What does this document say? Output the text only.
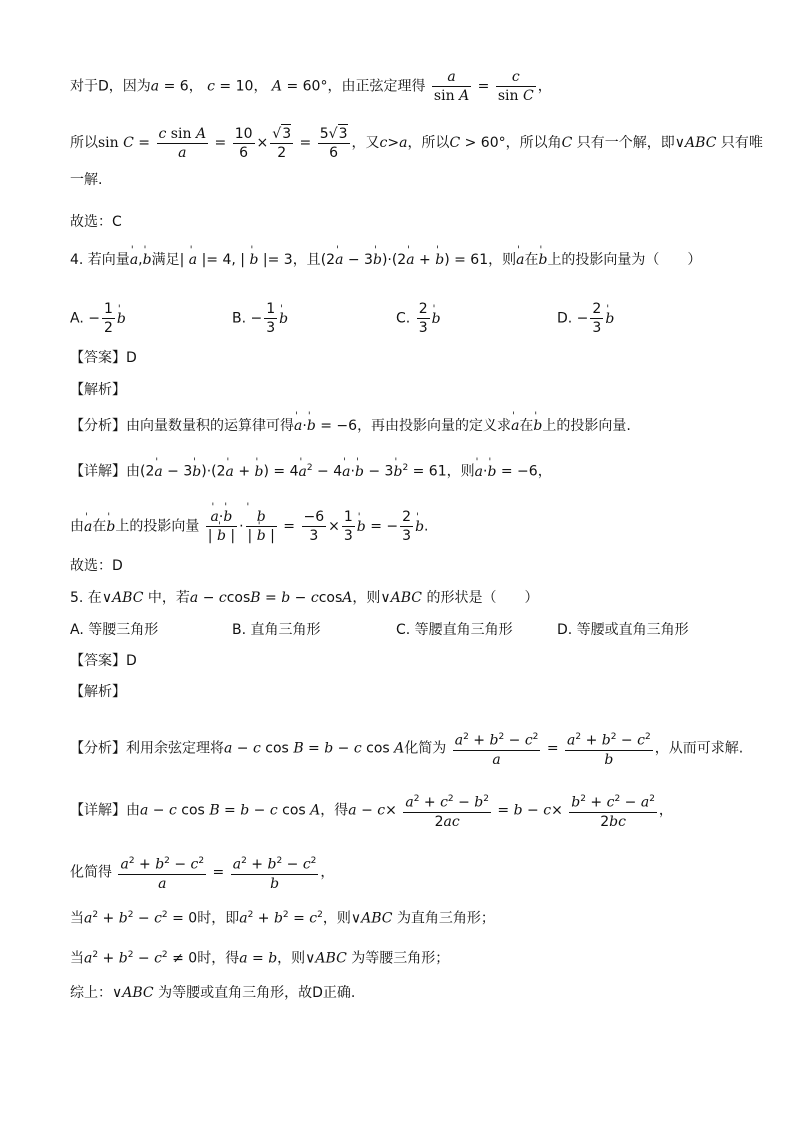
对于D，因为a = 6， c = 10， A = 60°，由正弦定理得 $\frac{a}{\text{sin A}} = \frac{c}{\text{sin C}}$ ，
所以$\sin C = \frac{\text{c sin A}}{a} = \frac{10}{6} \times \frac{√3}{2} = \frac{5√3}{6}$ ，又c>a，所以C > 60°，所以角C 只有一个解，即∨ABC 只有唯
一解.
故选：C
4. 若向量' a,' b满足| ' a |= 4, | ' b |= 3，且(2' a − 3' b)·(2' a + ' b) = 61，则' a在' b上的投影向量为（　　）
A. − $\frac{1}{2}$ ' b	B. − $\frac{1}{3}$ ' b	C. $\frac{2}{3}$ ' b	D. − $\frac{2}{3}$ ' b
【答案】D
【解析】
【分析】由向量数量积的运算律可得' a·' b = −6，再由投影向量的定义求' a在' b上的投影向量.
【详解】由(2' a − 3' b)·(2' a + ' b) = 4' $a^2 - 4'$ a·' b − 3' $b^2 = 61$，则' a·' b = −6，
由' a在' b上的投影向量 ' $\frac{a\cdot' b}{| ' b |}$ · ' $\frac{b}{| ' b |} = \frac{-6}{3} \times \frac{1}{3}$ ' b = − $\frac{2}{3}$ ' b.
故选：D
5. 在∨ABC 中，若a − ccosB = b − ccosA，则∨ABC 的形状是（　　）
A. 等腰三角形	B. 直角三角形	C. 等腰直角三角形	D. 等腰或直角三角形
【答案】D
【解析】
【分析】利用余弦定理将a − c cos B = b − c cos A化简为 $\frac{a^2 + b^2 - c^2}{a} = \frac{a^2 + b^2 - c^2}{b}$ ，从而可求解.
【详解】由a − c cos B = b − c cos A，得$a - c\times \frac{a^2 + c^2 - b^2}{2ac} = b - c\times \frac{b^2 + c^2 - a^2}{2bc}$ ，
化简得 $\frac{a^2 + b^2 - c^2}{a} = \frac{a^2 + b^2 - c^2}{b}$ ，
当$a^2 + b^2 - c^2 = 0$时，即$a^2 + b^2 = c^2$，则∨ABC 为直角三角形；
当$a^2 + b^2 - c^2 \ne 0$时，得a = b，则∨ABC 为等腰三角形；
综上：∨ABC 为等腰或直角三角形，故D正确.
